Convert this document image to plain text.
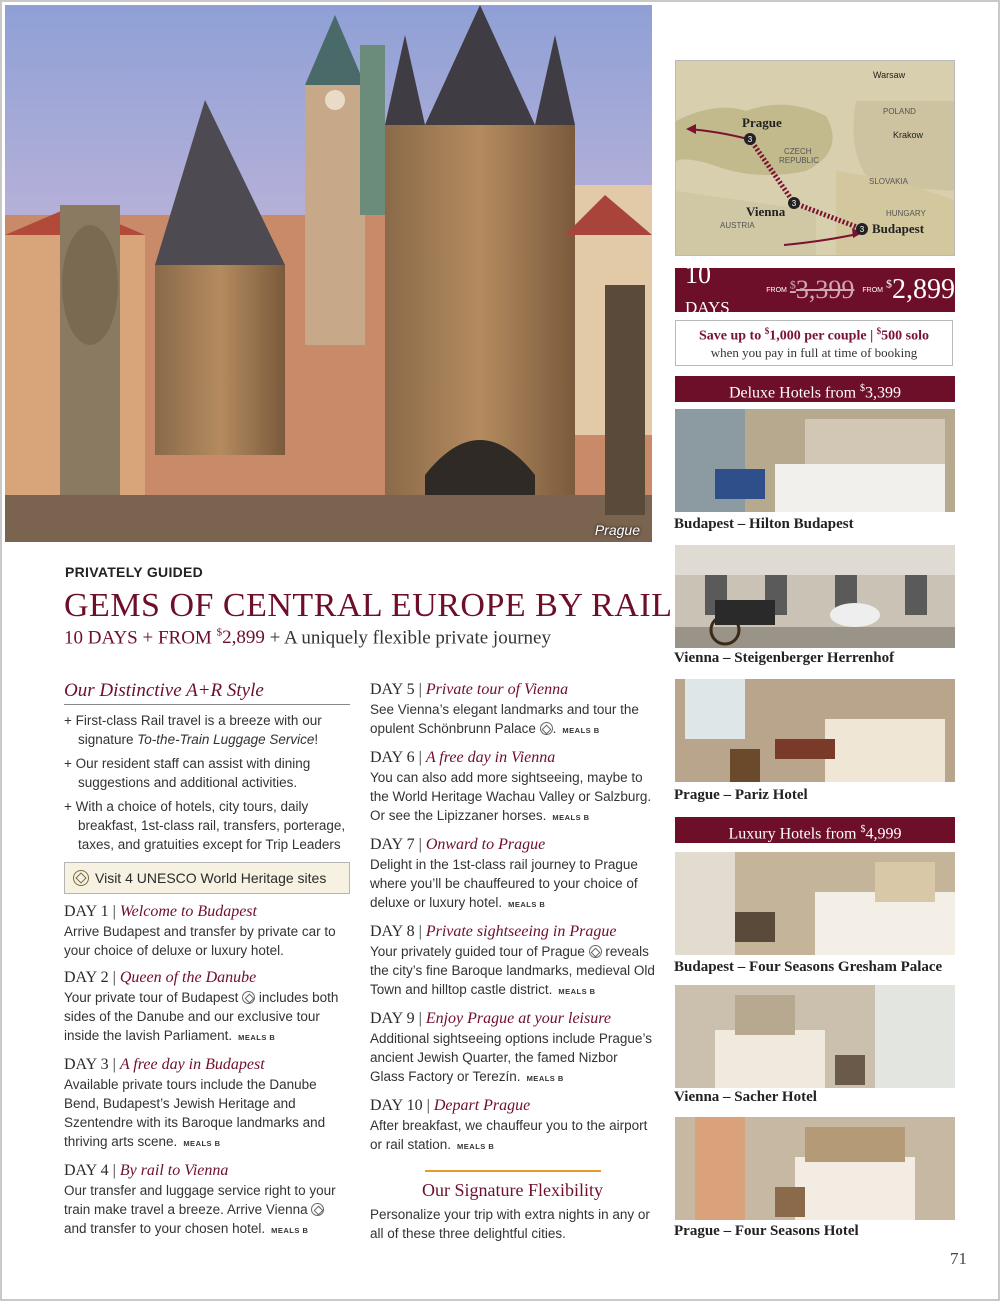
Prague
3
3
3
Warsaw
POLAND
Krakow
Prague
CZECH
REPUBLIC
SLOVAKIA
Vienna
AUSTRIA
HUNGARY
Budapest
10 DAYS
FROM $3,399 FROM $2,899
Save up to $1,000 per couple | $500 solo
when you pay in full at time of booking
Deluxe Hotels from $3,399
Budapest – Hilton Budapest
Vienna – Steigenberger Herrenhof
Prague – Pariz Hotel
Luxury Hotels from $4,999
Budapest – Four Seasons Gresham Palace
Vienna – Sacher Hotel
Prague – Four Seasons Hotel
PRIVATELY GUIDED
GEMS OF CENTRAL EUROPE BY RAIL
10 DAYS + FROM $2,899 + A uniquely flexible private journey
Our Distinctive A+R Style
+ First-class Rail travel is a breeze with our signature To-the-Train Luggage Service!
+ Our resident staff can assist with dining suggestions and additional activities.
+ With a choice of hotels, city tours, daily breakfast, 1st-class rail, transfers, porterage, taxes, and gratuities except for Trip Leaders
Visit 4 UNESCO World Heritage sites
DAY 1 | Welcome to Budapest
Arrive Budapest and transfer by private car to your choice of deluxe or luxury hotel.
DAY 2 | Queen of the Danube
Your private tour of Budapest  includes both sides of the Danube and our exclusive tour inside the lavish Parliament. MEALS B
DAY 3 | A free day in Budapest
Available private tours include the Danube Bend, Budapest’s Jewish Heritage and Szentendre with its Baroque landmarks and thriving arts scene. MEALS B
DAY 4 | By rail to Vienna
Our transfer and luggage service right to your train make travel a breeze. Arrive Vienna  and transfer to your chosen hotel. MEALS B
DAY 5 | Private tour of Vienna
See Vienna’s elegant landmarks and tour the opulent Schönbrunn Palace . MEALS B
DAY 6 | A free day in Vienna
You can also add more sightseeing, maybe to the World Heritage Wachau Valley or Salzburg. Or see the Lipizzaner horses. MEALS B
DAY 7 | Onward to Prague
Delight in the 1st-class rail journey to Prague where you’ll be chauffeured to your choice of deluxe or luxury hotel. MEALS B
DAY 8 | Private sightseeing in Prague
Your privately guided tour of Prague  reveals the city’s fine Baroque landmarks, medieval Old Town and hilltop castle district. MEALS B
DAY 9 | Enjoy Prague at your leisure
Additional sightseeing options include Prague’s ancient Jewish Quarter, the famed Nizbor Glass Factory or Terezín. MEALS B
DAY 10 | Depart Prague
After breakfast, we chauffeur you to the airport or rail station. MEALS B
Our Signature Flexibility
Personalize your trip with extra nights in any or all of these three delightful cities.
71
